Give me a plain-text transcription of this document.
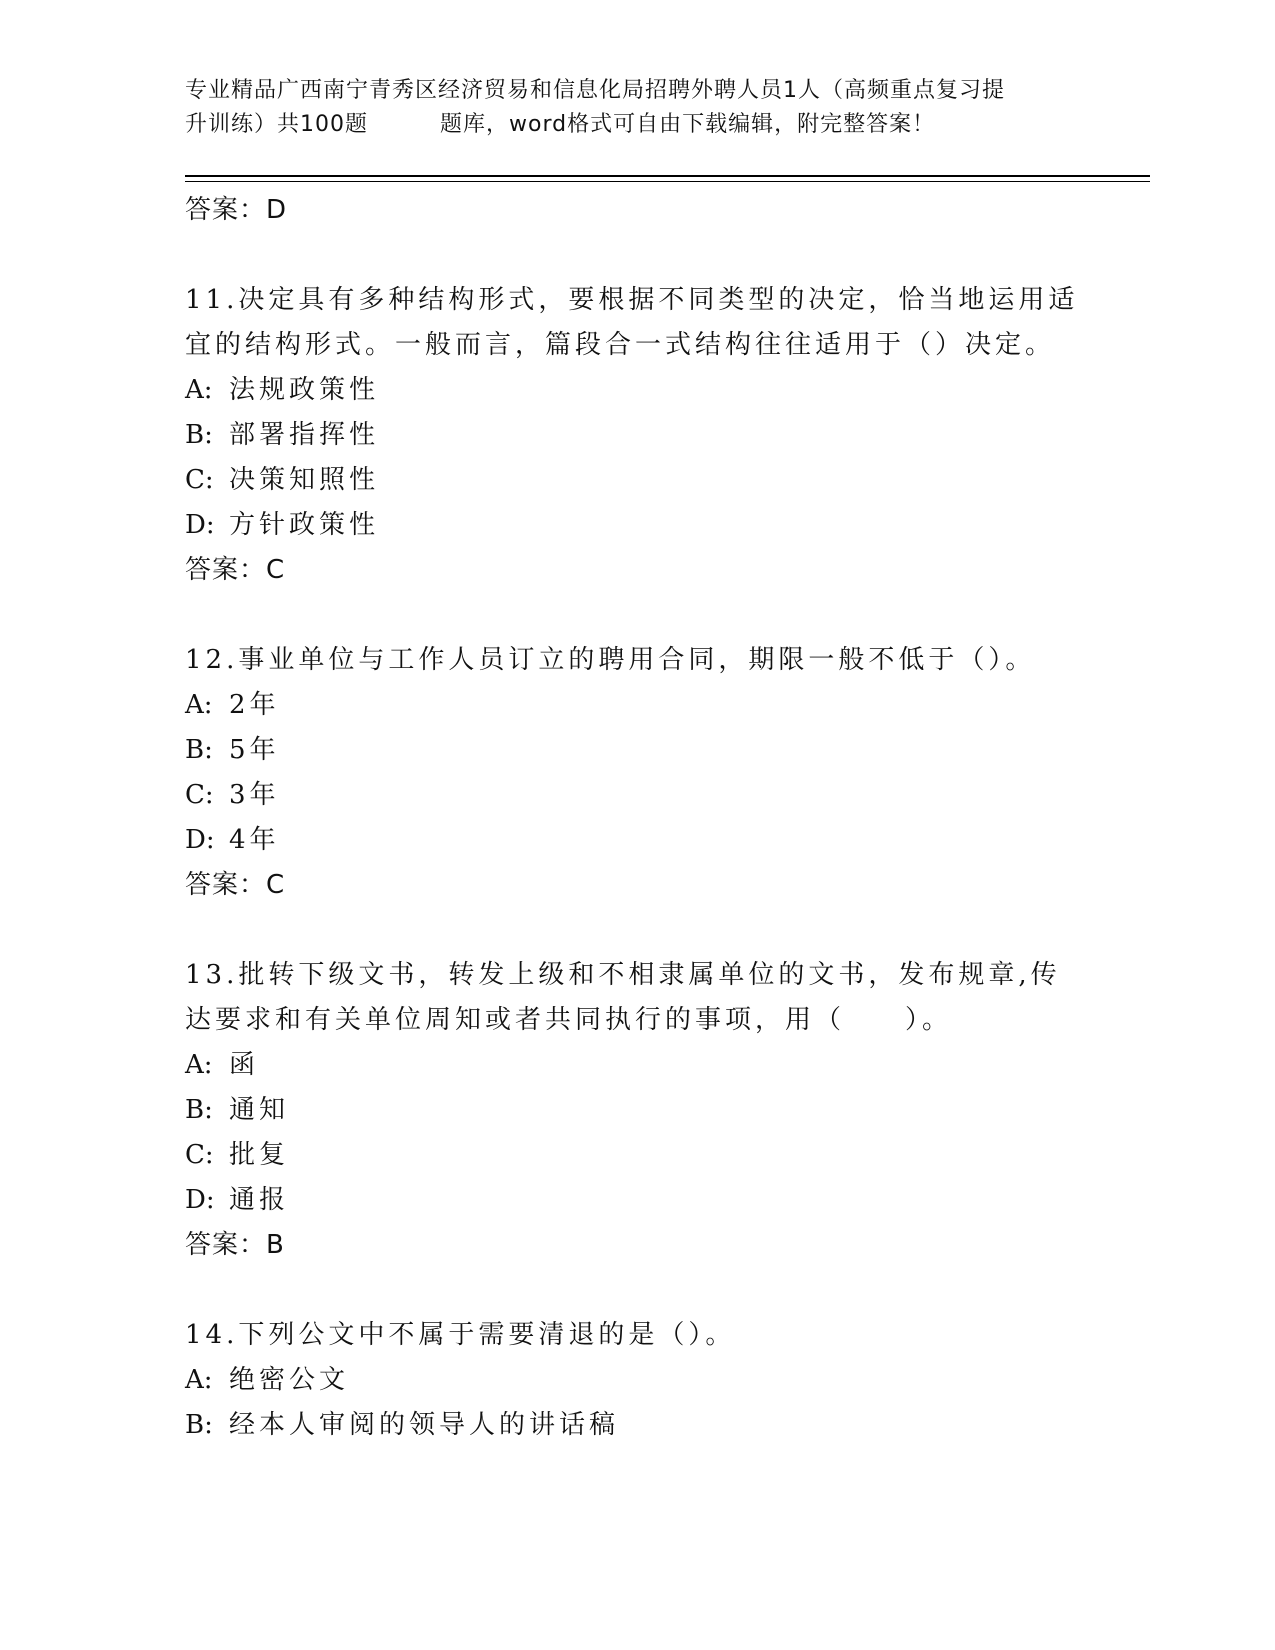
专业精品广西南宁青秀区经济贸易和信息化局招聘外聘人员1人（高频重点复习提
升训练）共100题	题库，word格式可自由下载编辑，附完整答案！
答案：D

11.决定具有多种结构形式，要根据不同类型的决定，恰当地运用适宜的结构形式。一般而言，篇段合一式结构往往适用于（）决定。

A: 法规政策性
B: 部署指挥性
C: 决策知照性
D: 方针政策性
答案：C

12.事业单位与工作人员订立的聘用合同，期限一般不低于（）。

A: 2年
B: 5年
C: 3年
D: 4年
答案：C

13.批转下级文书，转发上级和不相隶属单位的文书，发布规章,传达要求和有关单位周知或者共同执行的事项，用（　　）。

A: 函
B: 通知
C: 批复
D: 通报
答案：B

14.下列公文中不属于需要清退的是（）。

A: 绝密公文
B: 经本人审阅的领导人的讲话稿
